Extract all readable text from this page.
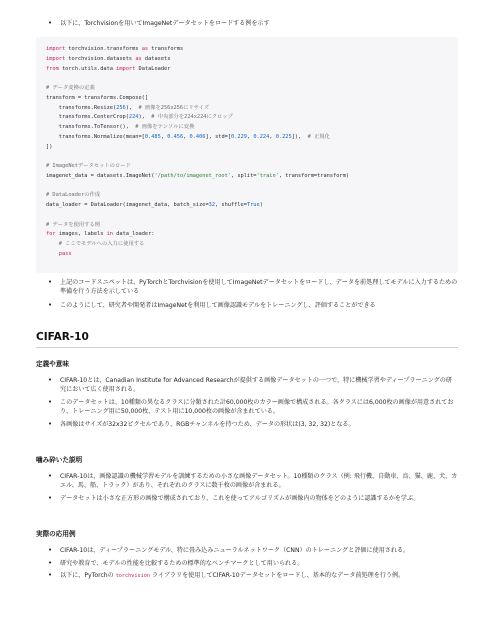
• 以下に、Torchvisionを用いてImageNetデータセットをロードする例を示す
import torchvision.transforms as transforms
import torchvision.datasets as datasets
from torch.utils.data import DataLoader
# データ変換の定義
transform = transforms.Compose([
transforms.Resize(256),  # 画像を256x256にリサイズ
transforms.CenterCrop(224),  # 中央部分を224x224にクロップ
transforms.ToTensor(),  # 画像をテンソルに変換
transforms.Normalize(mean=[0.485, 0.456, 0.406], std=[0.229, 0.224, 0.225]),  # 正規化
])
# ImageNetデータセットのロード
imagenet_data = datasets.ImageNet('/path/to/imagenet_root', split='train', transform=transform)
# DataLoaderの作成
data_loader = DataLoader(imagenet_data, batch_size=32, shuffle=True)
# データを使用する例
for images, labels in data_loader:
# ここでモデルへの入力に使用する
pass
• 上記のコードスニペットは、PyTorchとTorchvisionを使用してImageNetデータセットをロードし、データを前処理してモデルに入力するための準備を行う方法を示している
• このようにして、研究者や開発者はImageNetを利用して画像認識モデルをトレーニングし、評価することができる
CIFAR-10
定義や意味
• CIFAR-10とは、Canadian Institute for Advanced Researchが提供する画像データセットの一つで、特に機械学習やディープラーニングの研究において広く使用される。
• このデータセットは、10種類の異なるクラスに分類された計60,000枚のカラー画像で構成される。各クラスには6,000枚の画像が用意されており、トレーニング用に50,000枚、テスト用に10,000枚の画像が含まれている。
• 各画像はサイズが32x32ピクセルであり、RGBチャンネルを持つため、データの形状は(3, 32, 32)となる。
噛み砕いた説明
• CIFAR-10は、画像認識の機械学習モデルを訓練するための小さな画像データセット。10種類のクラス（例: 飛行機、自動車、鳥、猫、鹿、犬、カエル、馬、船、トラック）があり、それぞれのクラスに数千枚の画像が含まれる。
• データセットは小さな正方形の画像で構成されており、これを使ってアルゴリズムが画像内の物体をどのように認識するかを学ぶ。
実際の応用例
• CIFAR-10は、ディープラーニングモデル、特に畳み込みニューラルネットワーク（CNN）のトレーニングと評価に使用される。
• 研究や教育で、モデルの性能を比較するための標準的なベンチマークとして用いられる。
• 以下に、PyTorchの torchvision ライブラリを使用してCIFAR-10データセットをロードし、基本的なデータ前処理を行う例。
